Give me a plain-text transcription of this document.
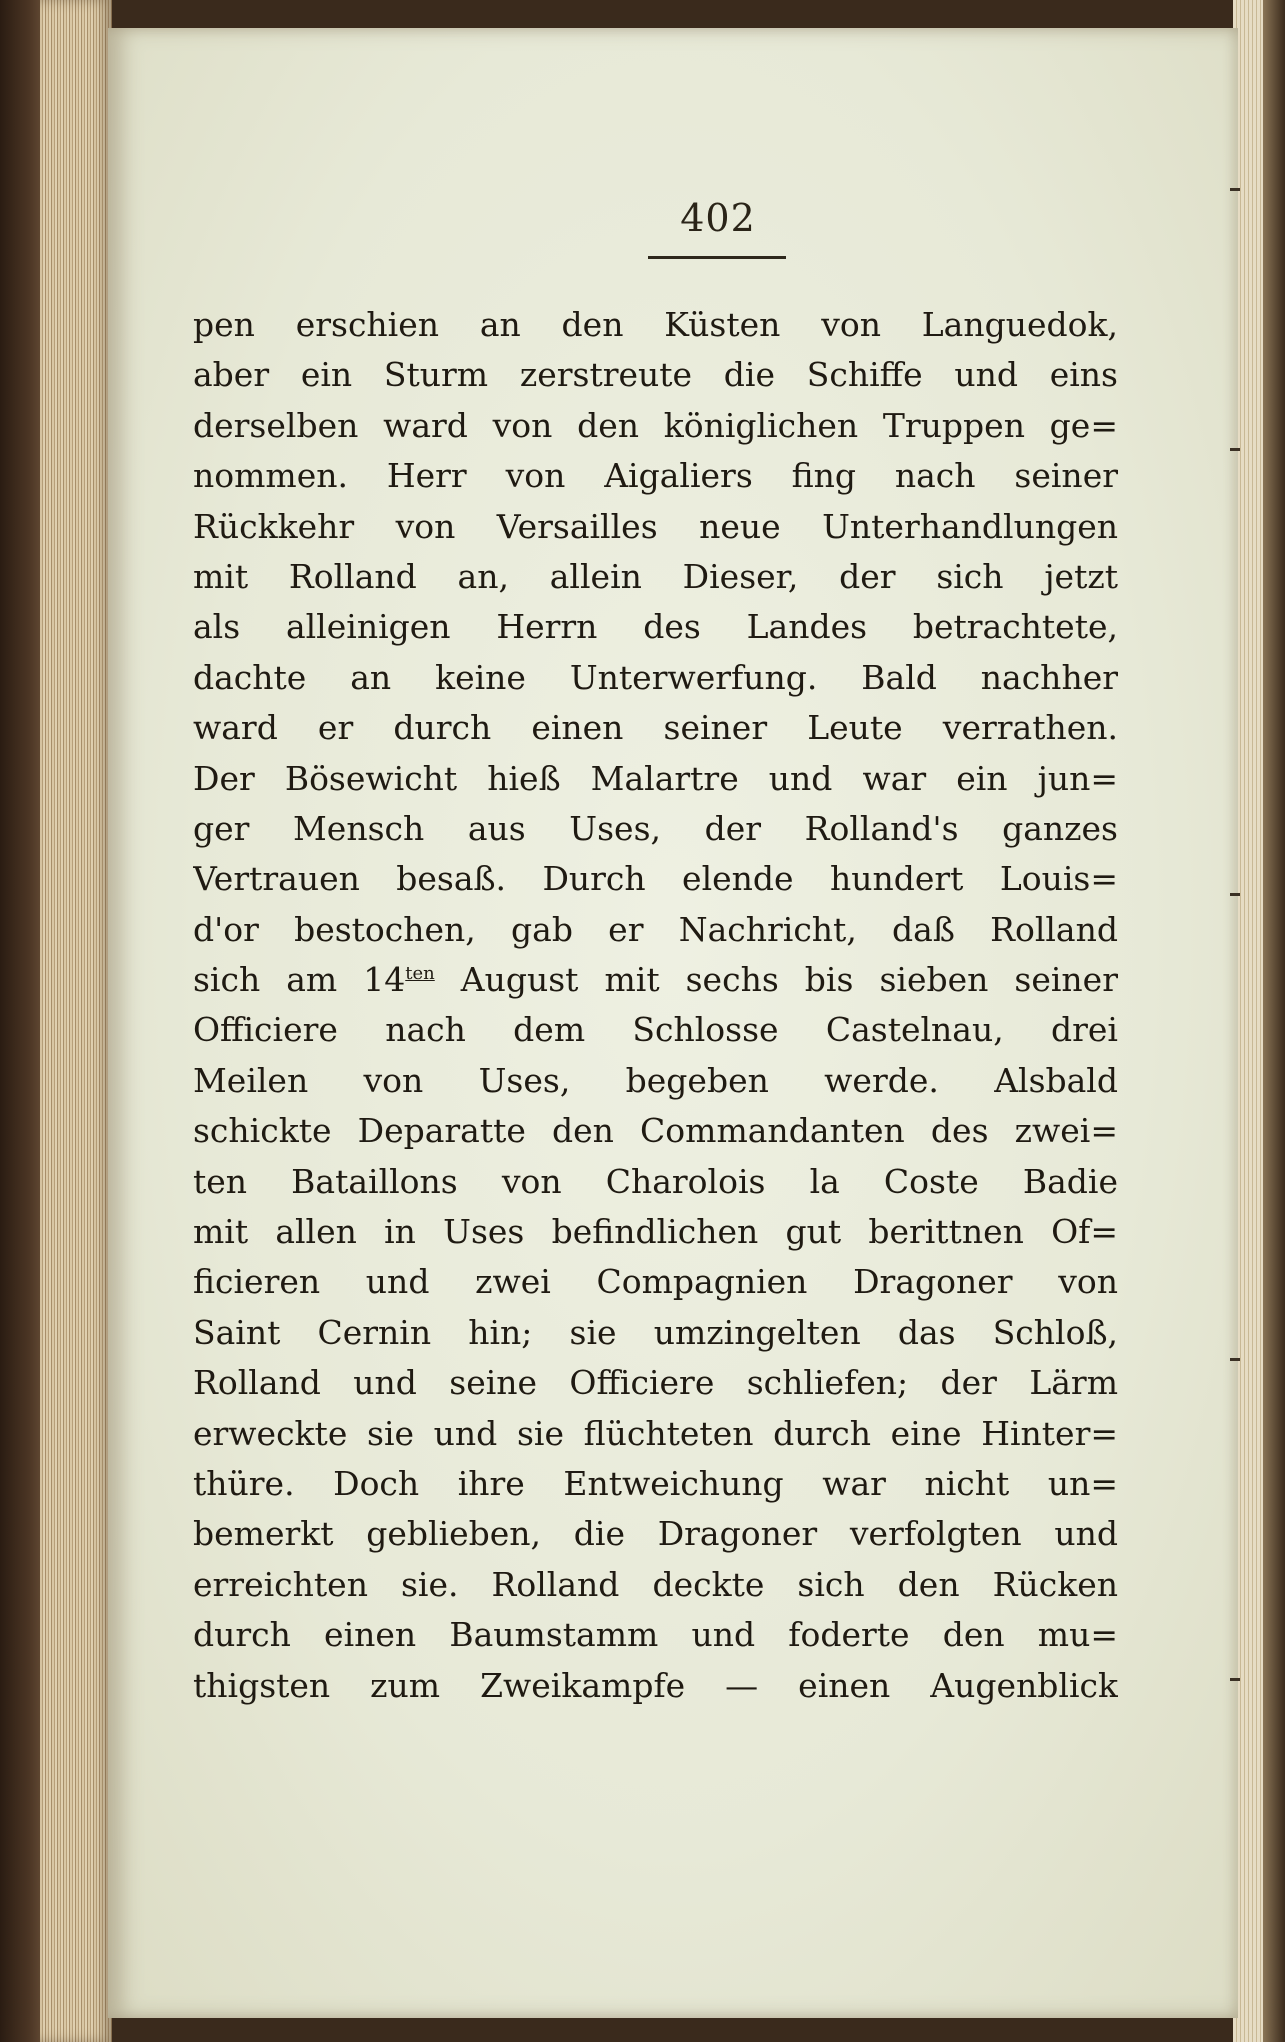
402
pen erschien an den Küsten von Languedok,
aber ein Sturm zerstreute die Schiffe und eins
derselben ward von den königlichen Truppen ge=
nommen. Herr von Aigaliers fing nach seiner
Rückkehr von Versailles neue Unterhandlungen
mit Rolland an, allein Dieser, der sich jetzt
als alleinigen Herrn des Landes betrachtete,
dachte an keine Unterwerfung. Bald nachher
ward er durch einen seiner Leute verrathen.
Der Bösewicht hieß Malartre und war ein jun=
ger Mensch aus Uses, der Rolland's ganzes
Vertrauen besaß. Durch elende hundert Louis=
d'or bestochen, gab er Nachricht, daß Rolland
sich am $14^{ten}$ August mit sechs bis sieben seiner
Officiere nach dem Schlosse Castelnau, drei
Meilen von Uses, begeben werde. Alsbald
schickte Deparatte den Commandanten des zwei=
ten Bataillons von Charolois la Coste Badie
mit allen in Uses befindlichen gut berittnen Of=
ficieren und zwei Compagnien Dragoner von
Saint Cernin hin; sie umzingelten das Schloß,
Rolland und seine Officiere schliefen; der Lärm
erweckte sie und sie flüchteten durch eine Hinter=
thüre. Doch ihre Entweichung war nicht un=
bemerkt geblieben, die Dragoner verfolgten und
erreichten sie. Rolland deckte sich den Rücken
durch einen Baumstamm und foderte den mu=
thigsten zum Zweikampfe — einen Augenblick
